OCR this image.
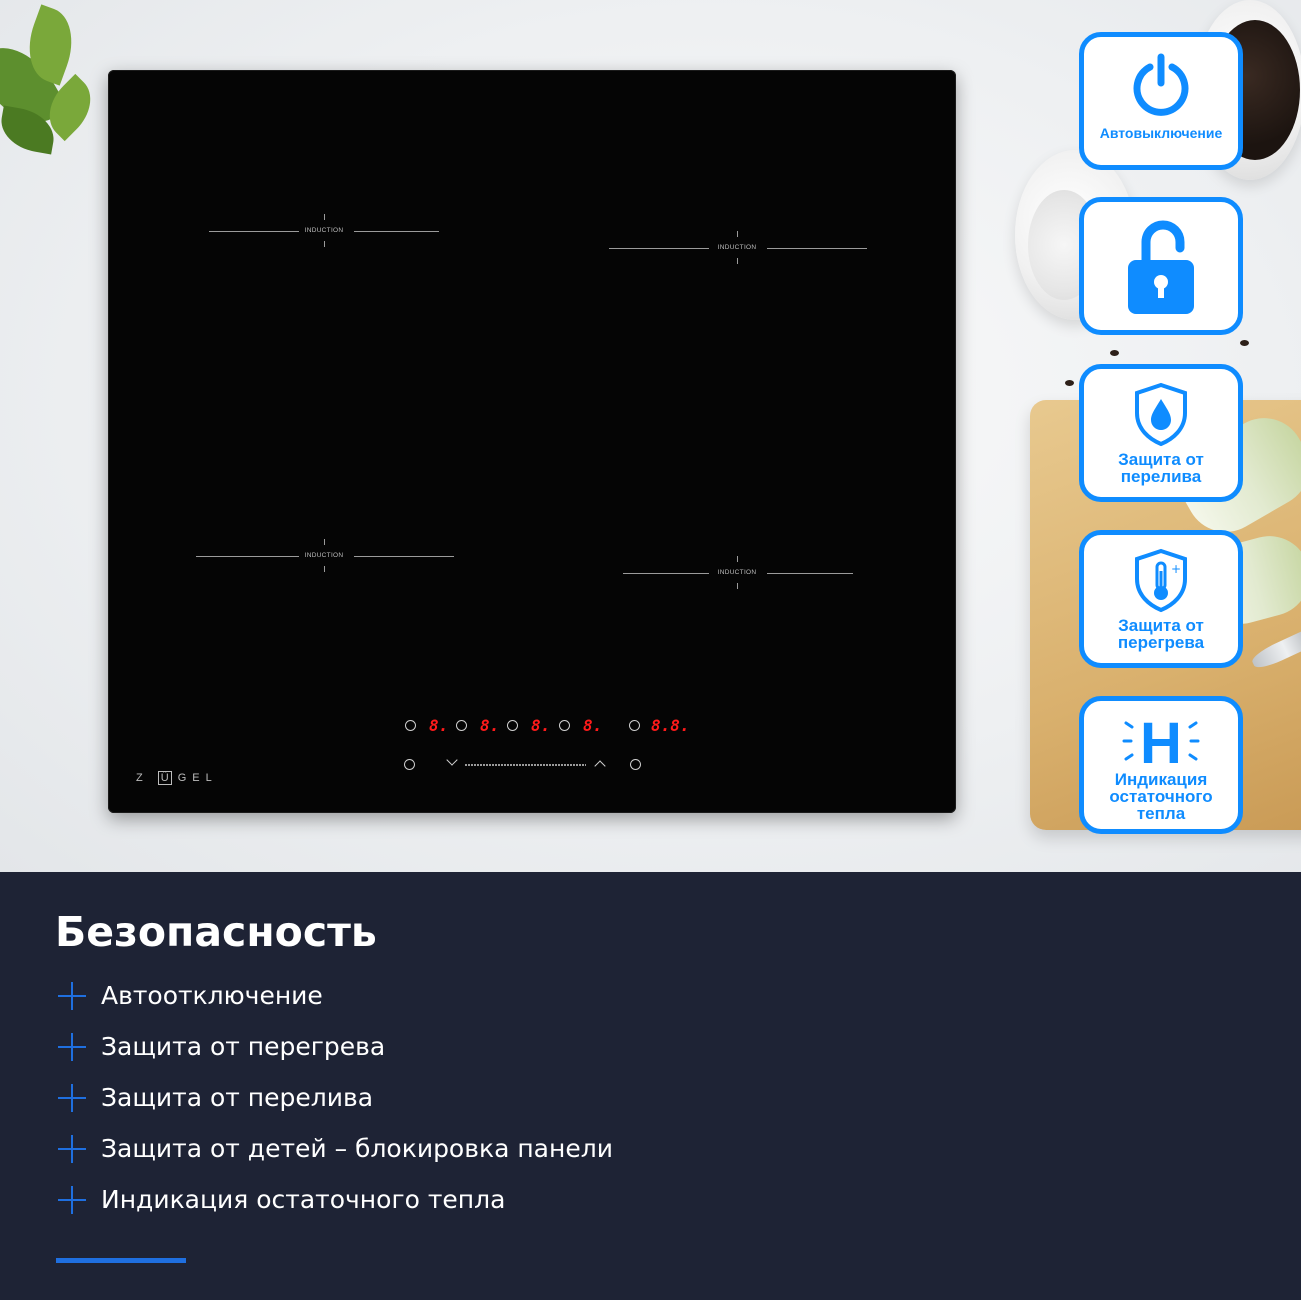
INDUCTION
INDUCTION
INDUCTION
INDUCTION
8. 8. 8. 8.	8.8.
Z Ü GEL
Автовыключение
Защита от перелива
+
Защита от перегрева
H
Индикация остаточного тепла
Безопасность
Автоотключение
Защита от перегрева
Защита от перелива
Защита от детей – блокировка панели
Индикация остаточного тепла
